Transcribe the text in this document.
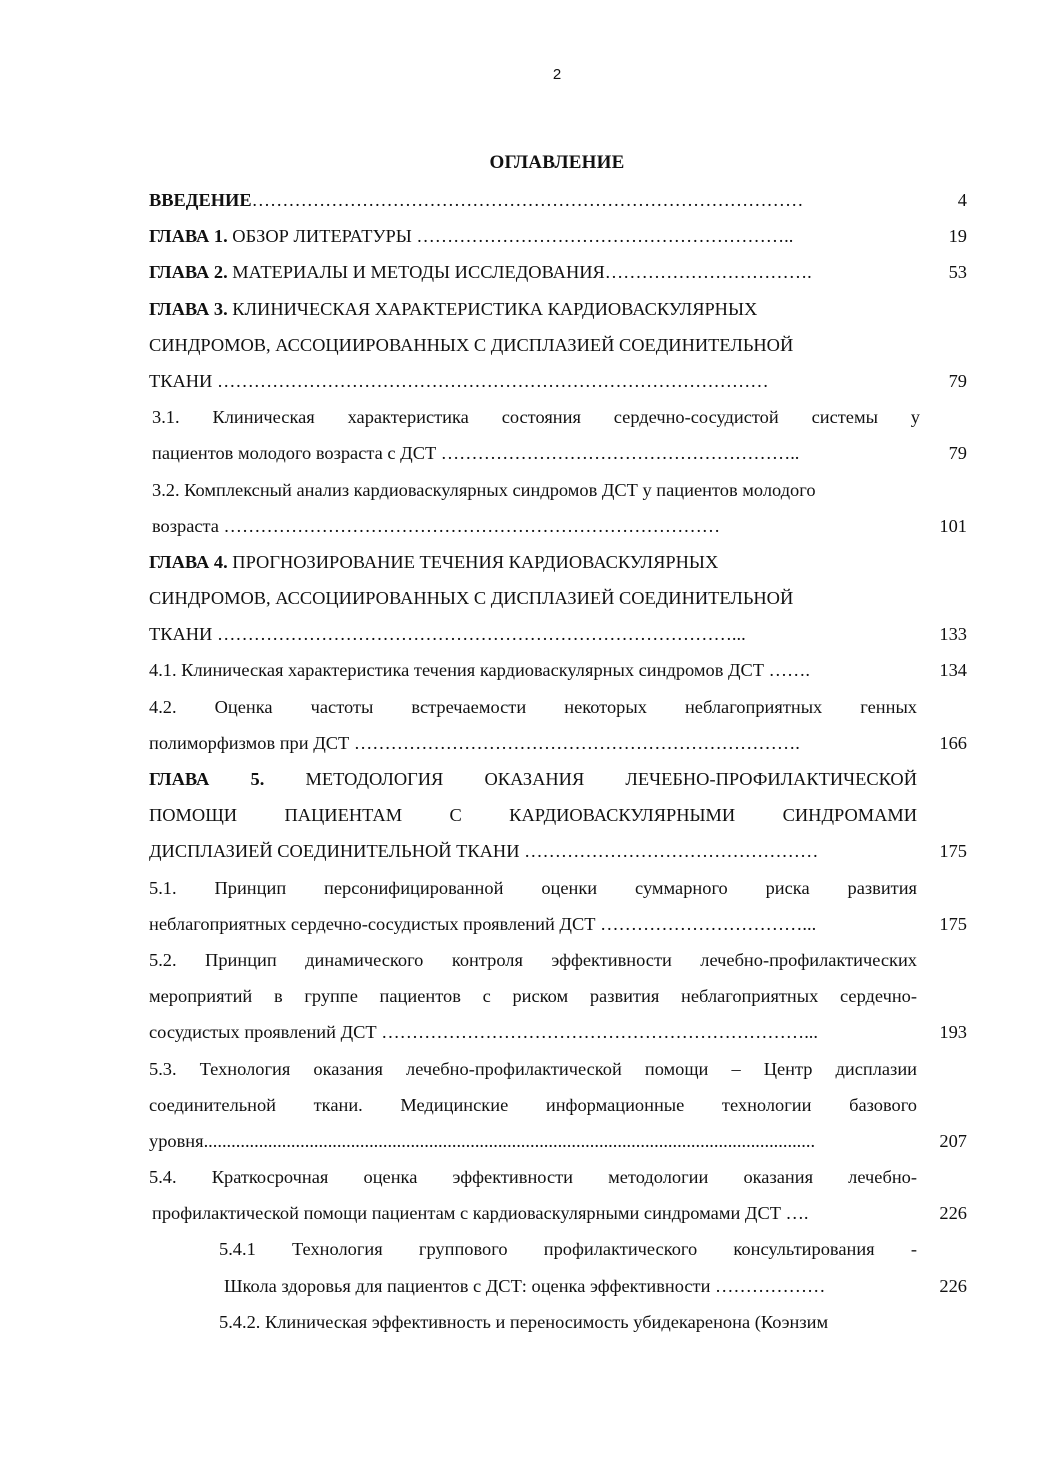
2
ОГЛАВЛЕНИЕ
ВВЕДЕНИЕ………………………………………………………………………………	4
ГЛАВА 1. ОБЗОР ЛИТЕРАТУРЫ ……………………………………………………..	19
ГЛАВА 2. МАТЕРИАЛЫ И МЕТОДЫ ИССЛЕДОВАНИЯ…………………………….	53
ГЛАВА 3. КЛИНИЧЕСКАЯ ХАРАКТЕРИСТИКА КАРДИОВАСКУЛЯРНЫХ
СИНДРОМОВ, АССОЦИИРОВАННЫХ С ДИСПЛАЗИЕЙ СОЕДИНИТЕЛЬНОЙ
ТКАНИ ………………………………………………………………………………	79
3.1. Клиническая характеристика состояния сердечно-сосудистой системы у
пациентов молодого возраста с ДСТ …………………………………………………..	79
3.2. Комплексный анализ кардиоваскулярных синдромов ДСТ у пациентов молодого
возраста ………………………………………………………………………	101
ГЛАВА 4. ПРОГНОЗИРОВАНИЕ ТЕЧЕНИЯ КАРДИОВАСКУЛЯРНЫХ
СИНДРОМОВ, АССОЦИИРОВАННЫХ С ДИСПЛАЗИЕЙ СОЕДИНИТЕЛЬНОЙ
ТКАНИ …………………………………………………………………………...	133
4.1. Клиническая характеристика течения кардиоваскулярных синдромов ДСТ …….	134
4.2. Оценка частоты встречаемости некоторых неблагоприятных генных
полиморфизмов при ДСТ ……………………………………………………………….	166
ГЛАВА 5. МЕТОДОЛОГИЯ ОКАЗАНИЯ ЛЕЧЕБНО-ПРОФИЛАКТИЧЕСКОЙ
ПОМОЩИ ПАЦИЕНТАМ С КАРДИОВАСКУЛЯРНЫМИ СИНДРОМАМИ
ДИСПЛАЗИЕЙ СОЕДИНИТЕЛЬНОЙ ТКАНИ …………………………………………	175
5.1. Принцип персонифицированной оценки суммарного риска развития
неблагоприятных сердечно-сосудистых проявлений ДСТ ……………………………...	175
5.2. Принцип динамического контроля эффективности лечебно-профилактических
мероприятий в группе пациентов с риском развития неблагоприятных сердечно-
сосудистых проявлений ДСТ ……………………………………………………………...	193
5.3. Технология оказания лечебно-профилактической помощи – Центр дисплазии
соединительной ткани. Медицинские информационные технологии базового
уровня.....................................................................................................................................	207
5.4. Краткосрочная оценка эффективности методологии оказания лечебно-
профилактической помощи пациентам с кардиоваскулярными синдромами ДСТ ….	226
5.4.1 Технология группового профилактического консультирования -
Школа здоровья для пациентов с ДСТ: оценка эффективности ………………	226
5.4.2. Клиническая эффективность и переносимость убидекаренона (Коэнзим
